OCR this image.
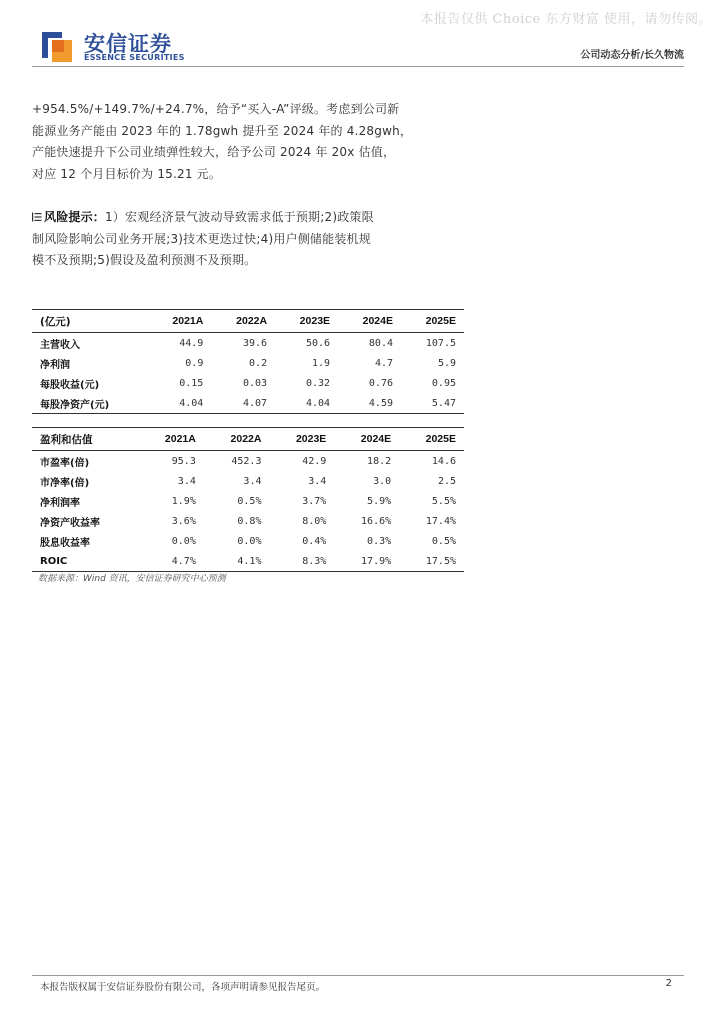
本报告仅供 Choice 东方财富 使用，请勿传阅。
安信证券
ESSENCE SECURITIES	公司动态分析/长久物流
+954.5%/+149.7%/+24.7%，给予“买入-A”评级。考虑到公司新
能源业务产能由 2023 年的 1.78gwh 提升至 2024 年的 4.28gwh，
产能快速提升下公司业绩弹性较大，给予公司 2024 年 20x 估值，
对应 12 个月目标价为 15.21 元。
风险提示：1）宏观经济景气波动导致需求低于预期;2)政策限
制风险影响公司业务开展;3)技术更迭过快;4)用户侧储能装机规
模不及预期;5)假设及盈利预测不及预期。
(亿元)	2021A	2022A	2023E	2024E	2025E
主营收入	44.9	39.6	50.6	80.4	107.5
净利润	0.9	0.2	1.9	4.7	5.9
每股收益(元)	0.15	0.03	0.32	0.76	0.95
每股净资产(元)	4.04	4.07	4.04	4.59	5.47
盈利和估值	2021A	2022A	2023E	2024E	2025E
市盈率(倍)	95.3	452.3	42.9	18.2	14.6
市净率(倍)	3.4	3.4	3.4	3.0	2.5
净利润率	1.9%	0.5%	3.7%	5.9%	5.5%
净资产收益率	3.6%	0.8%	8.0%	16.6%	17.4%
股息收益率	0.0%	0.0%	0.4%	0.3%	0.5%
ROIC	4.7%	4.1%	8.3%	17.9%	17.5%
数据来源：Wind 资讯，安信证券研究中心预测
本报告版权属于安信证券股份有限公司，各项声明请参见报告尾页。	2
